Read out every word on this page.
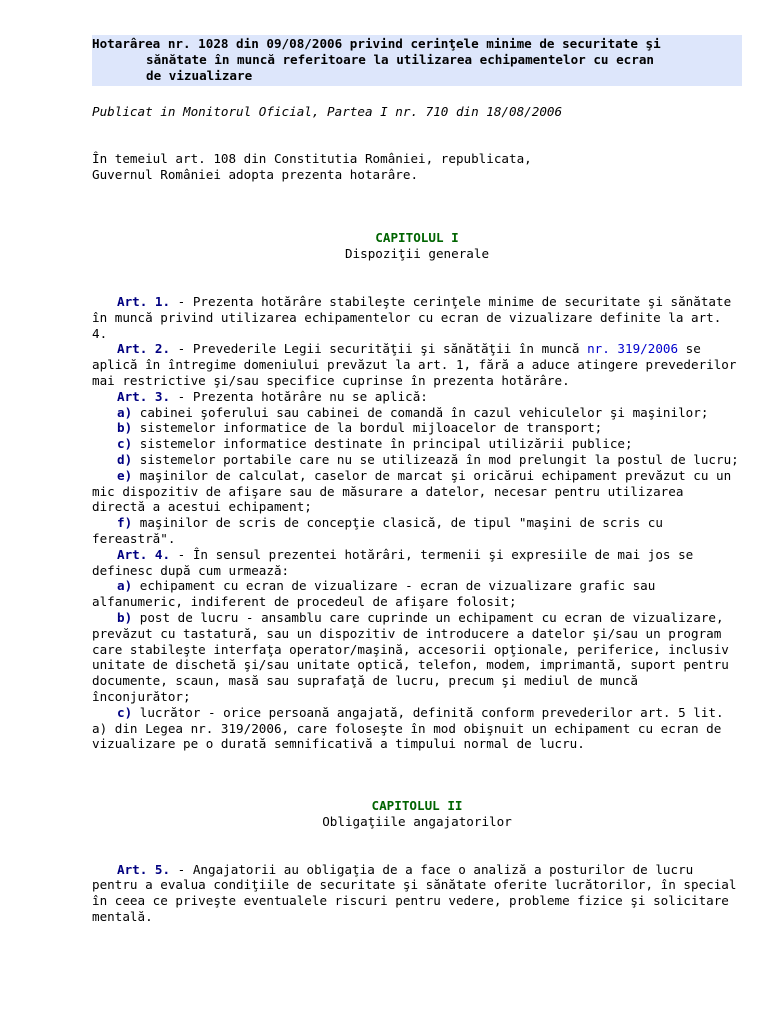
Hotarârea nr. 1028 din 09/08/2006 privind cerinţele minime de securitate şi
sănătate în muncă referitoare la utilizarea echipamentelor cu ecran
de vizualizare

Publicat in Monitorul Oficial, Partea I nr. 710 din 18/08/2006

În temeiul art. 108 din Constitutia României, republicata,

Guvernul României adopta prezenta hotarâre.

CAPITOLUL I
Dispoziţii generale

Art. 1. - Prezenta hotărâre stabileşte cerinţele minime de securitate şi sănătate în muncă privind utilizarea echipamentelor cu ecran de vizualizare definite la art. 4.

Art. 2. - Prevederile Legii securităţii şi sănătăţii în muncă nr. 319/2006 se aplică în întregime domeniului prevăzut la art. 1, fără a aduce atingere prevederilor mai restrictive şi/sau specifice cuprinse în prezenta hotărâre.

Art. 3. - Prezenta hotărâre nu se aplică:

a) cabinei şoferului sau cabinei de comandă în cazul vehiculelor şi maşinilor;

b) sistemelor informatice de la bordul mijloacelor de transport;

c) sistemelor informatice destinate în principal utilizării publice;

d) sistemelor portabile care nu se utilizează în mod prelungit la postul de lucru;

e) maşinilor de calculat, caselor de marcat şi oricărui echipament prevăzut cu un mic dispozitiv de afişare sau de măsurare a datelor, necesar pentru utilizarea directă a acestui echipament;

f) maşinilor de scris de concepţie clasică, de tipul "maşini de scris cu fereastră".

Art. 4. - În sensul prezentei hotărâri, termenii şi expresiile de mai jos se definesc după cum urmează:

a) echipament cu ecran de vizualizare - ecran de vizualizare grafic sau alfanumeric, indiferent de procedeul de afişare folosit;

b) post de lucru - ansamblu care cuprinde un echipament cu ecran de vizualizare, prevăzut cu tastatură, sau un dispozitiv de introducere a datelor şi/sau un program care stabileşte interfaţa operator/maşină, accesorii opţionale, periferice, inclusiv unitate de dischetă şi/sau unitate optică, telefon, modem, imprimantă, suport pentru documente, scaun, masă sau suprafaţă de lucru, precum şi mediul de muncă înconjurător;

c) lucrător - orice persoană angajată, definită conform prevederilor art. 5 lit. a) din Legea nr. 319/2006, care foloseşte în mod obişnuit un echipament cu ecran de vizualizare pe o durată semnificativă a timpului normal de lucru.

CAPITOLUL II
Obligaţiile angajatorilor

Art. 5. - Angajatorii au obligaţia de a face o analiză a posturilor de lucru pentru a evalua condiţiile de securitate şi sănătate oferite lucrătorilor, în special în ceea ce priveşte eventualele riscuri pentru vedere, probleme fizice şi solicitare mentală.
